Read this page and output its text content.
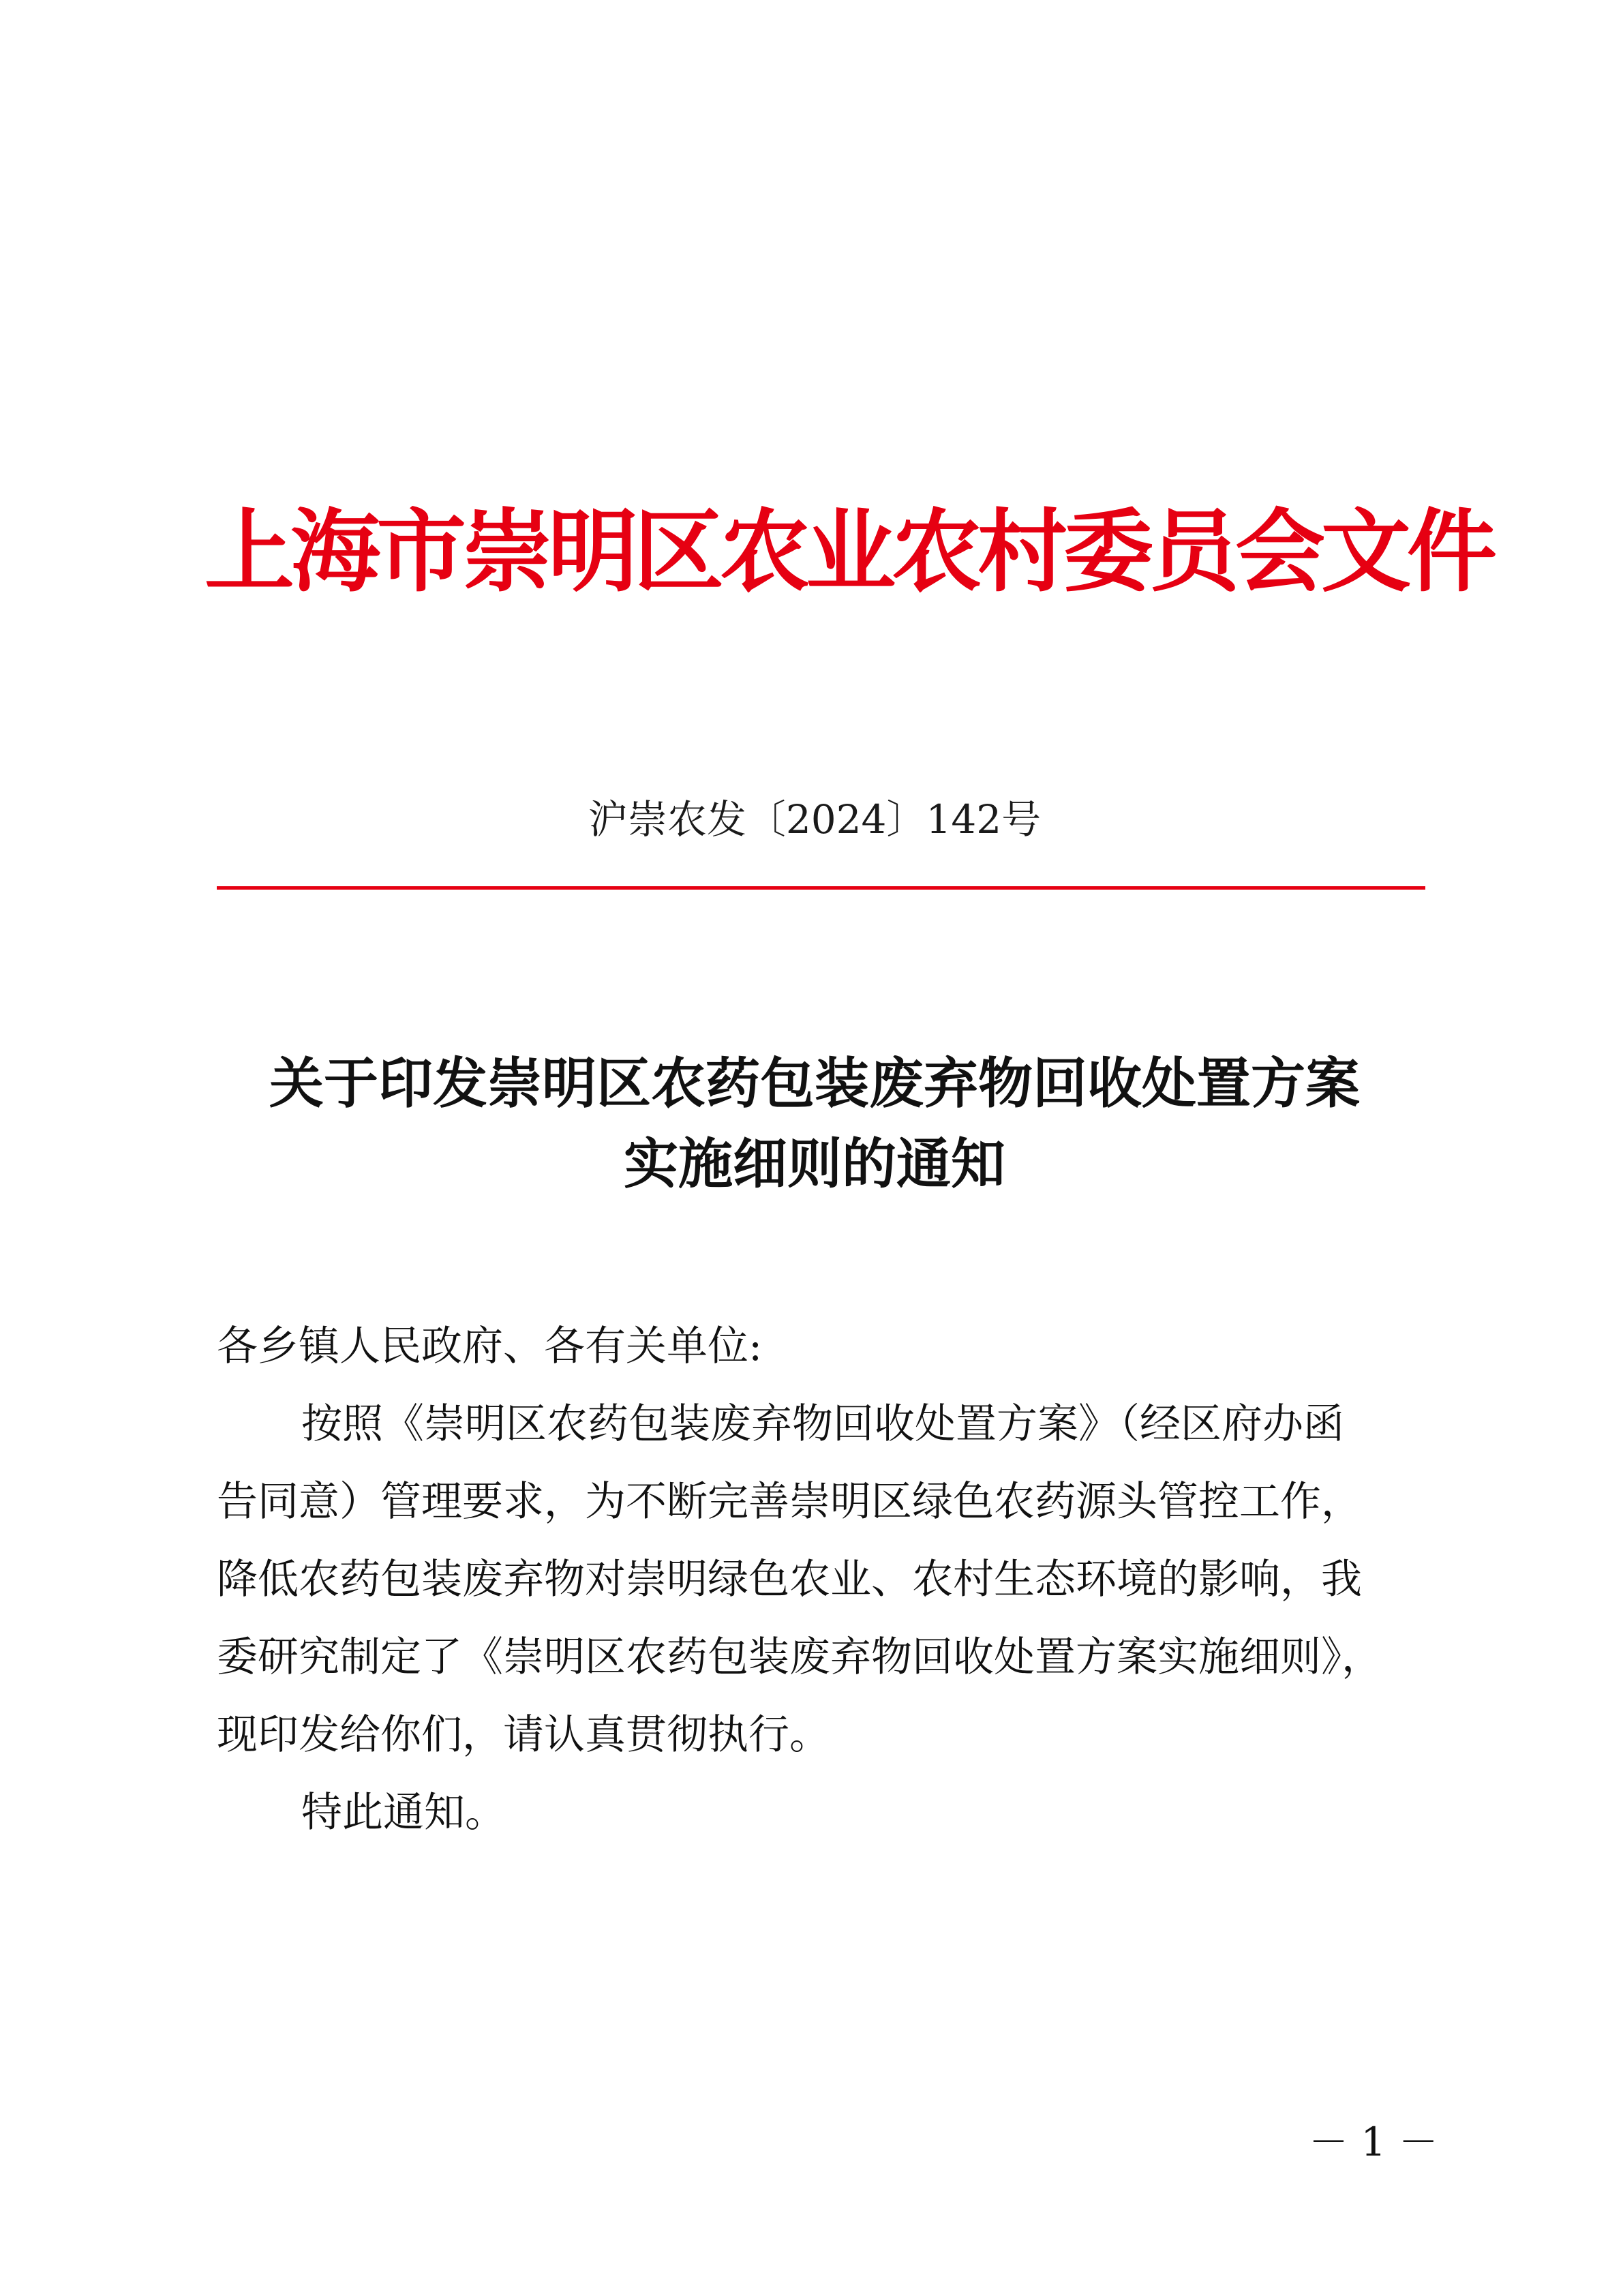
上海市崇明区农业农村委员会文件
沪崇农发〔2024〕142号
关于印发崇明区农药包装废弃物回收处置方案
实施细则的通知
各乡镇人民政府、各有关单位:
按照《崇明区农药包装废弃物回收处置方案》（经区府办函
告同意）管理要求，为不断完善崇明区绿色农药源头管控工作，
降低农药包装废弃物对崇明绿色农业、农村生态环境的影响，我
委研究制定了《崇明区农药包装废弃物回收处置方案实施细则》，
现印发给你们，请认真贯彻执行。
特此通知。
－ 1 －
